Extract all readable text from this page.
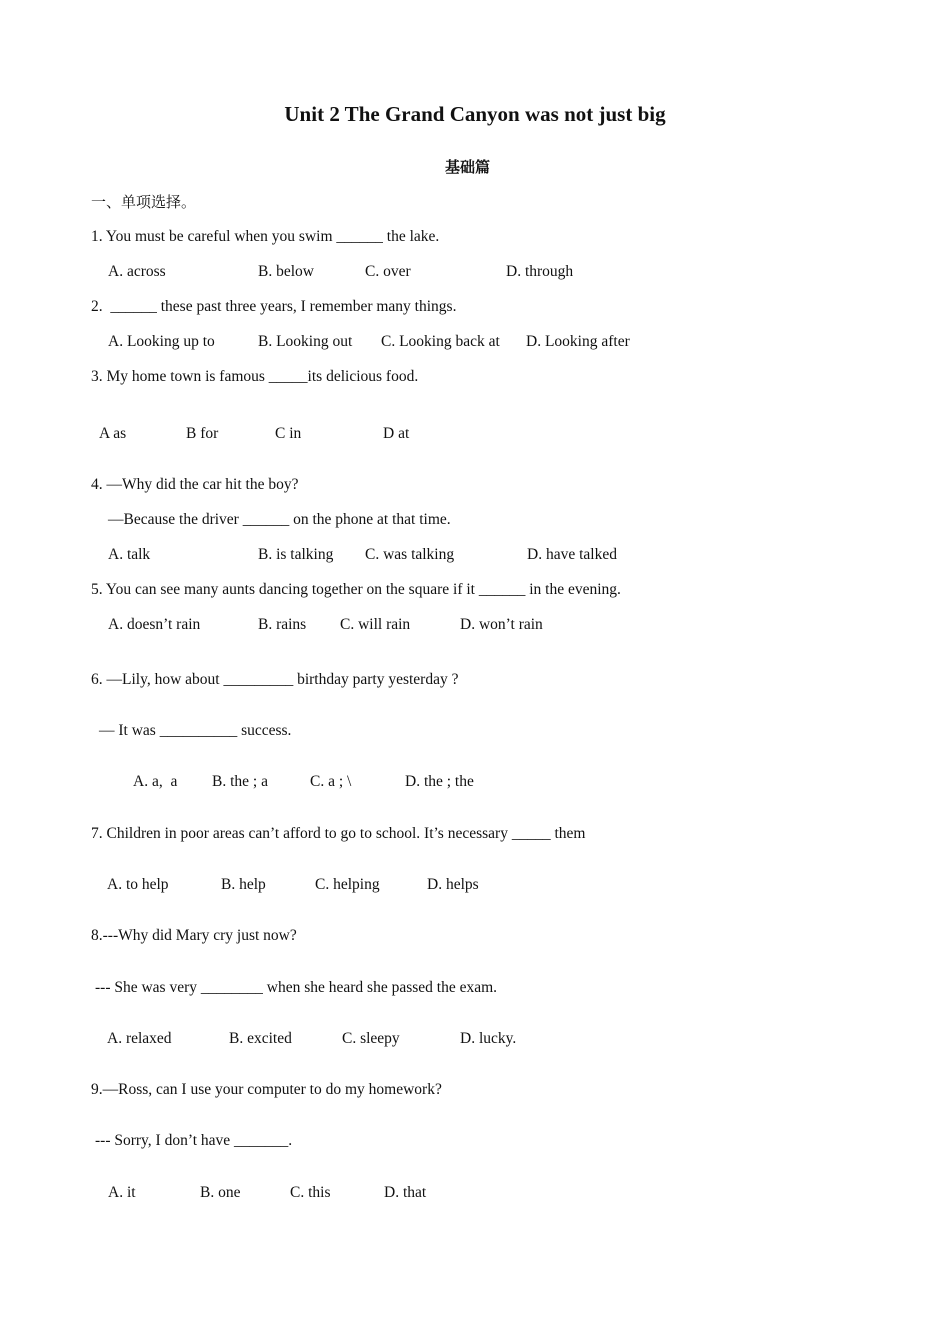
Unit 2 The Grand Canyon was not just big
基础篇
一、单项选择。
1. You must be careful when you swim ______ the lake.
A. across	B. below	C. over	D. through
2.  ______ these past three years, I remember many things.
A. Looking up to	B. Looking out C. Looking back at D. Looking after
3. My home town is famous _____its delicious food.
A as	B for	C in	D at
4. —Why did the car hit the boy?
—Because the driver ______ on the phone at that time.
A. talk	B. is talking C. was talking	D. have talked
5. You can see many aunts dancing together on the square if it ______ in the evening.
A. doesn’t rain	B. rains C. will rain	D. won’t rain
6. —Lily, how about _________ birthday party yesterday ?
— It was __________ success.
A. a,  a B. the ; a	C. a ; \	D. the ; the
7. Children in poor areas can’t afford to go to school. It’s necessary _____ them
A. to help	B. help	C. helping	D. helps
8.---Why did Mary cry just now?
--- She was very ________ when she heard she passed the exam.
A. relaxed	B. excited	C. sleepy	D. lucky.
9.—Ross, can I use your computer to do my homework?
--- Sorry, I don’t have _______.
A. it	B. one	C. this	D. that
